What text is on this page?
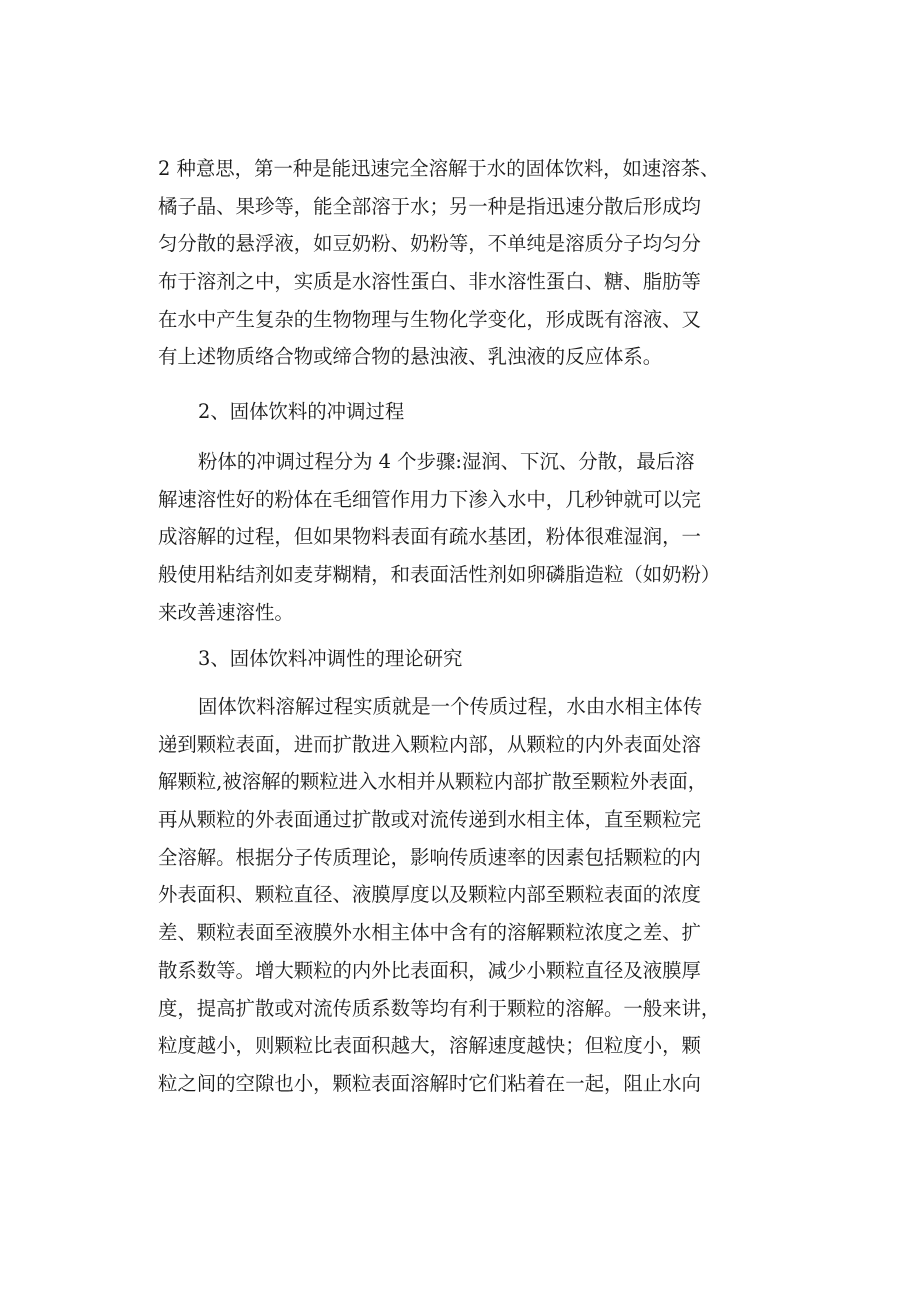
2 种意思，第一种是能迅速完全溶解于水的固体饮料，如速溶茶、
橘子晶、果珍等，能全部溶于水；另一种是指迅速分散后形成均
匀分散的悬浮液，如豆奶粉、奶粉等，不单纯是溶质分子均匀分
布于溶剂之中，实质是水溶性蛋白、非水溶性蛋白、糖、脂肪等
在水中产生复杂的生物物理与生物化学变化，形成既有溶液、又
有上述物质络合物或缔合物的悬浊液、乳浊液的反应体系。
2、固体饮料的冲调过程
粉体的冲调过程分为 4 个步骤:湿润、下沉、分散，最后溶
解速溶性好的粉体在毛细管作用力下渗入水中，几秒钟就可以完
成溶解的过程，但如果物料表面有疏水基团，粉体很难湿润，一
般使用粘结剂如麦芽糊精，和表面活性剂如卵磷脂造粒（如奶粉）
来改善速溶性。
3、固体饮料冲调性的理论研究
固体饮料溶解过程实质就是一个传质过程，水由水相主体传
递到颗粒表面，进而扩散进入颗粒内部，从颗粒的内外表面处溶
解颗粒,被溶解的颗粒进入水相并从颗粒内部扩散至颗粒外表面，
再从颗粒的外表面通过扩散或对流传递到水相主体，直至颗粒完
全溶解。根据分子传质理论，影响传质速率的因素包括颗粒的内
外表面积、颗粒直径、液膜厚度以及颗粒内部至颗粒表面的浓度
差、颗粒表面至液膜外水相主体中含有的溶解颗粒浓度之差、扩
散系数等。增大颗粒的内外比表面积，减少小颗粒直径及液膜厚
度，提高扩散或对流传质系数等均有利于颗粒的溶解。一般来讲，
粒度越小，则颗粒比表面积越大，溶解速度越快；但粒度小，颗
粒之间的空隙也小，颗粒表面溶解时它们粘着在一起，阻止水向
